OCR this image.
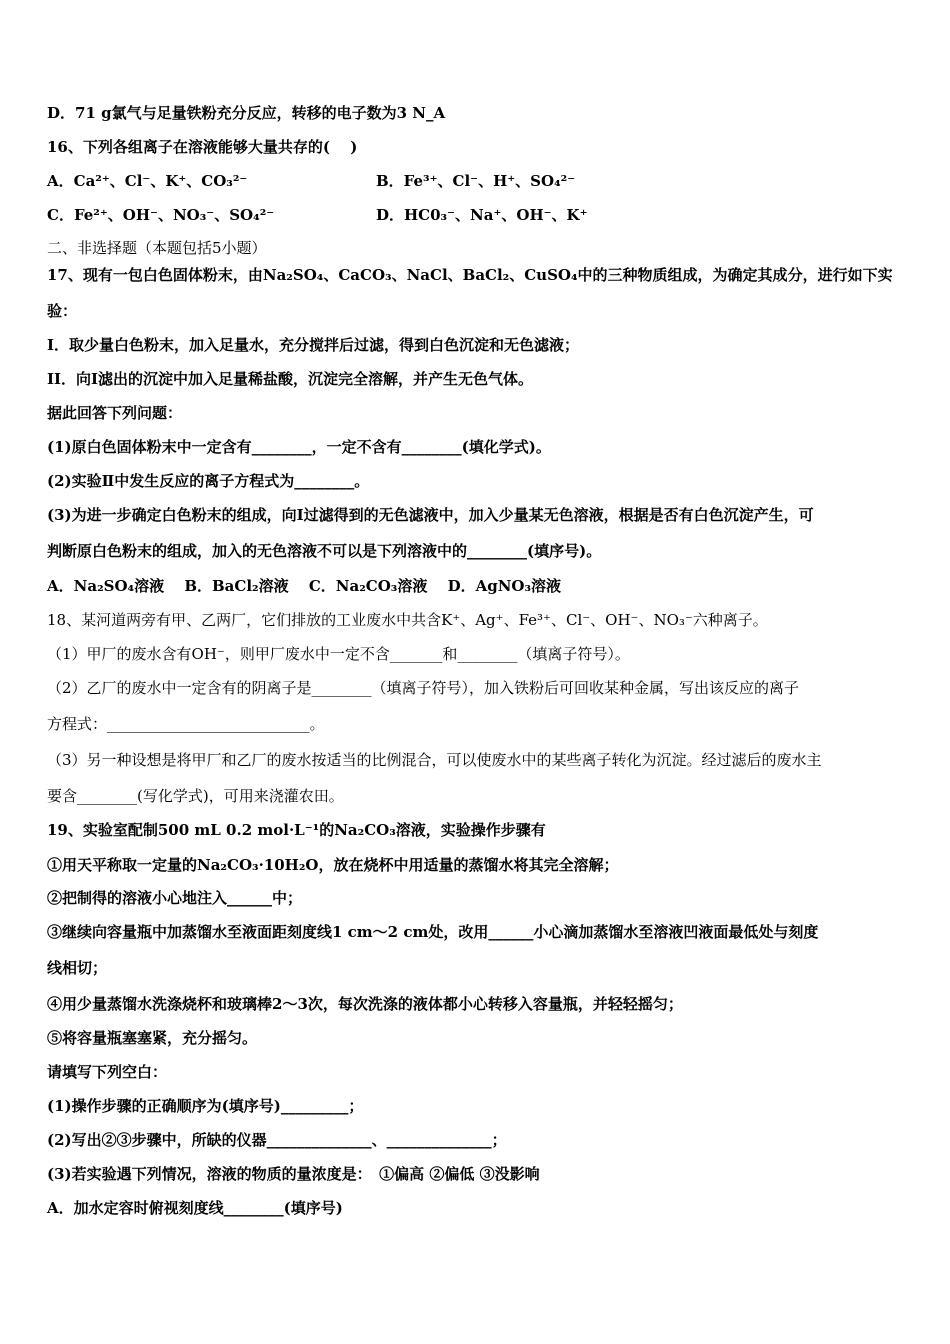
D．71 g氯气与足量铁粉充分反应，转移的电子数为3 N_A
16、下列各组离子在溶液能够大量共存的(　 )
A．Ca²⁺、Cl⁻、K⁺、CO₃²⁻	B．Fe³⁺、Cl⁻、H⁺、SO₄²⁻
C．Fe²⁺、OH⁻、NO₃⁻、SO₄²⁻	D．HC0₃⁻、Na⁺、OH⁻、K⁺
二、非选择题（本题包括5小题）
17、现有一包白色固体粉末，由Na₂SO₄、CaCO₃、NaCl、BaCl₂、CuSO₄中的三种物质组成，为确定其成分，进行如下实
验：
I．取少量白色粉末，加入足量水，充分搅拌后过滤，得到白色沉淀和无色滤液；
II．向Ⅰ滤出的沉淀中加入足量稀盐酸，沉淀完全溶解，并产生无色气体。
据此回答下列问题：
(1)原白色固体粉末中一定含有________，一定不含有________(填化学式)。
(2)实验Ⅱ中发生反应的离子方程式为________。
(3)为进一步确定白色粉末的组成，向Ⅰ过滤得到的无色滤液中，加入少量某无色溶液，根据是否有白色沉淀产生，可
判断原白色粉末的组成，加入的无色溶液不可以是下列溶液中的________(填序号)。
A．Na₂SO₄溶液　 B．BaCl₂溶液　 C．Na₂CO₃溶液　 D．AgNO₃溶液
18、某河道两旁有甲、乙两厂，它们排放的工业废水中共含K⁺、Ag⁺、Fe³⁺、Cl⁻、OH⁻、NO₃⁻六种离子。
（1）甲厂的废水含有OH⁻，则甲厂废水中一定不含_______和________（填离子符号）。
（2）乙厂的废水中一定含有的阴离子是________（填离子符号），加入铁粉后可回收某种金属，写出该反应的离子
方程式：___________________________。
（3）另一种设想是将甲厂和乙厂的废水按适当的比例混合，可以使废水中的某些离子转化为沉淀。经过滤后的废水主
要含________(写化学式)，可用来浇灌农田。
19、实验室配制500 mL 0.2 mol·L⁻¹的Na₂CO₃溶液，实验操作步骤有
①用天平称取一定量的Na₂CO₃·10H₂O，放在烧杯中用适量的蒸馏水将其完全溶解；
②把制得的溶液小心地注入______中；
③继续向容量瓶中加蒸馏水至液面距刻度线1 cm～2 cm处，改用______小心滴加蒸馏水至溶液凹液面最低处与刻度
线相切；
④用少量蒸馏水洗涤烧杯和玻璃棒2～3次，每次洗涤的液体都小心转移入容量瓶，并轻轻摇匀；
⑤将容量瓶塞塞紧，充分摇匀。
请填写下列空白：
(1)操作步骤的正确顺序为(填序号)_________；
(2)写出②③步骤中，所缺的仪器______________、______________；
(3)若实验遇下列情况，溶液的物质的量浓度是：　①偏高 ②偏低 ③没影响
A．加水定容时俯视刻度线________(填序号)
